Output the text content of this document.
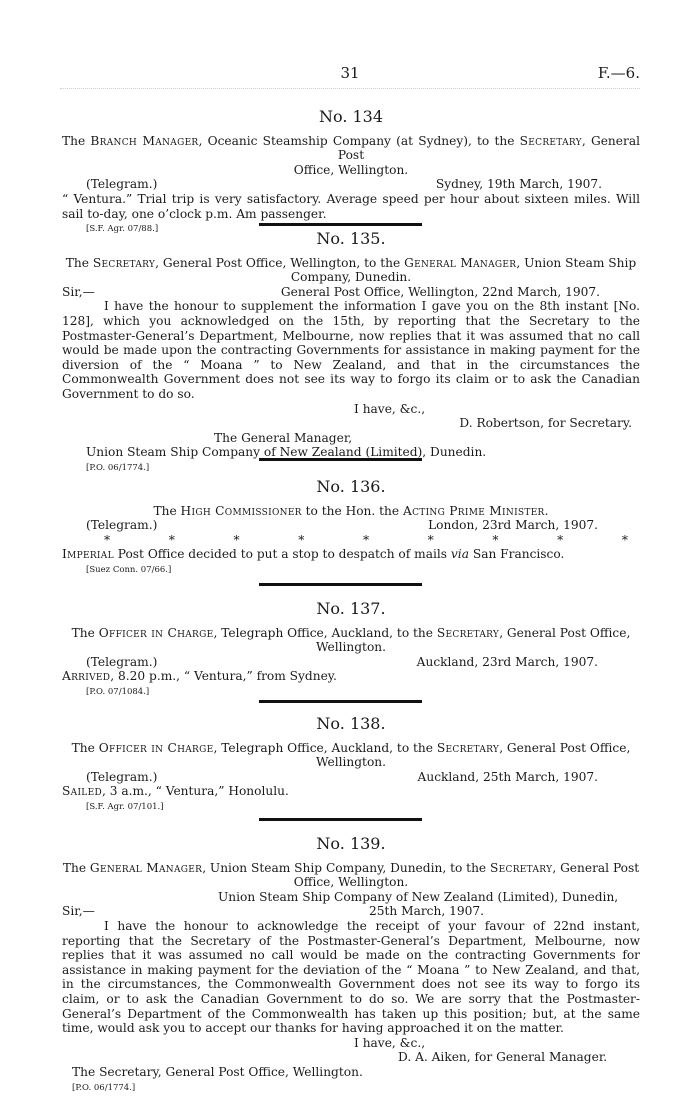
31	F.—6.
No. 134
The Branch Manager, Oceanic Steamship Company (at Sydney), to the Secretary, General Post
Office, Wellington.
(Telegram.)	Sydney, 19th March, 1907.
“ Ventura.” Trial trip is very satisfactory. Average speed per hour about sixteen miles. Will
sail to-day, one o’clock p.m. Am passenger.
[S.F. Agr. 07/88.]	No. 135.
The Secretary, General Post Office, Wellington, to the General Manager, Union Steam Ship
Company, Dunedin.
Sir,—	General Post Office, Wellington, 22nd March, 1907.
I have the honour to supplement the information I gave you on the 8th instant [No. 128], which you acknowledged on the 15th, by reporting that the Secretary to the Postmaster-General’s Department, Melbourne, now replies that it was assumed that no call would be made upon the contracting Governments for assistance in making payment for the diversion of the “ Moana ” to New Zealand, and that in the circumstances the Commonwealth Government does not see its way to forgo its claim or to ask the Canadian Government to do so.
I have, &c.,
D. Robertson, for Secretary.
The General Manager,
Union Steam Ship Company of New Zealand (Limited), Dunedin.
[P.O. 06/1774.]
No. 136.
The High Commissioner to the Hon. the Acting Prime Minister.
(Telegram.)	London, 23rd March, 1907.
*	*	*	*	*	*	*	*	*
Imperial Post Office decided to put a stop to despatch of mails via San Francisco.
[Suez Conn. 07/66.]
No. 137.
The Officer in Charge, Telegraph Office, Auckland, to the Secretary, General Post Office,
Wellington.
(Telegram.)	Auckland, 23rd March, 1907.
Arrived, 8.20 p.m., “ Ventura,” from Sydney.
[P.O. 07/1084.]
No. 138.
The Officer in Charge, Telegraph Office, Auckland, to the Secretary, General Post Office,
Wellington.
(Telegram.)	Auckland, 25th March, 1907.
Sailed, 3 a.m., “ Ventura,” Honolulu.
[S.F. Agr. 07/101.]
No. 139.
The General Manager, Union Steam Ship Company, Dunedin, to the Secretary, General Post
Office, Wellington.
Union Steam Ship Company of New Zealand (Limited), Dunedin,
Sir,—	25th March, 1907.
I have the honour to acknowledge the receipt of your favour of 22nd instant, reporting that the Secretary of the Postmaster-General’s Department, Melbourne, now replies that it was assumed no call would be made on the contracting Governments for assistance in making payment for the deviation of the “ Moana ” to New Zealand, and that, in the circumstances, the Commonwealth Government does not see its way to forgo its claim, or to ask the Canadian Government to do so. We are sorry that the Postmaster-General’s Department of the Commonwealth has taken up this position; but, at the same time, would ask you to accept our thanks for having approached it on the matter.
I have, &c.,
D. A. Aiken, for General Manager.
The Secretary, General Post Office, Wellington.
[P.O. 06/1774.]
